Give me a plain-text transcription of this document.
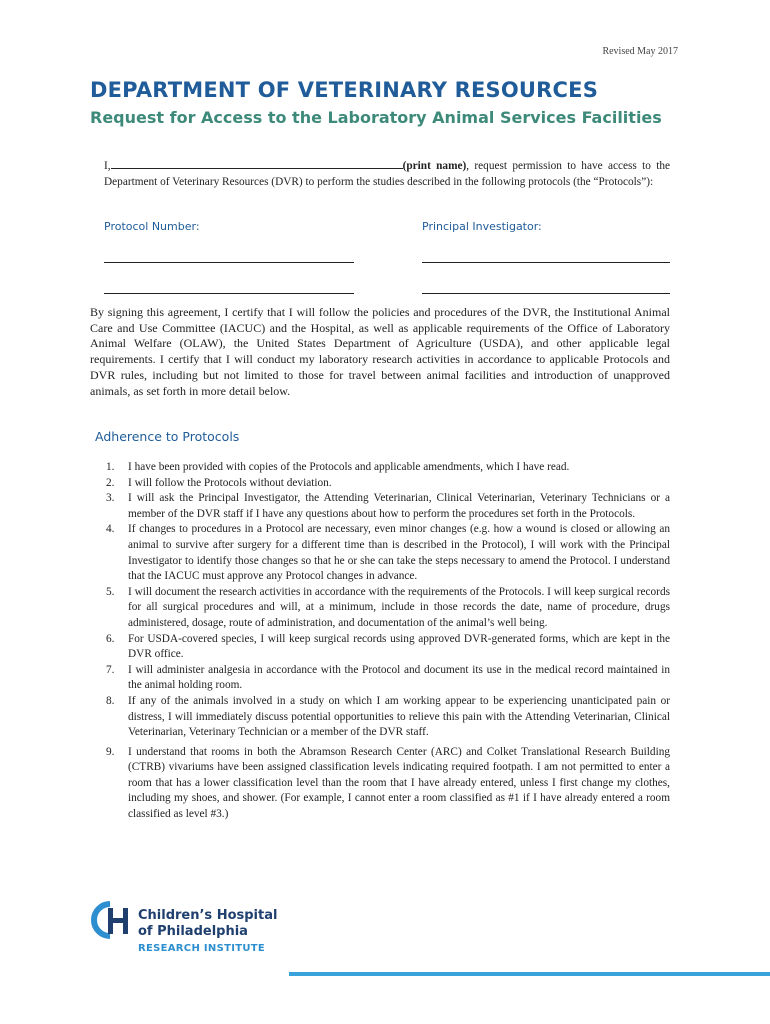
Revised May 2017
DEPARTMENT OF VETERINARY RESOURCES
Request for Access to the Laboratory Animal Services Facilities
I,	(print name), request permission to have access to the Department of Veterinary Resources (DVR) to perform the studies described in the following protocols (the “Protocols”):
Protocol Number:	Principal Investigator:
By signing this agreement, I certify that I will follow the policies and procedures of the DVR, the Institutional Animal Care and Use Committee (IACUC) and the Hospital, as well as applicable requirements of the Office of Laboratory Animal Welfare (OLAW), the United States Department of Agriculture (USDA), and other applicable legal requirements. I certify that I will conduct my laboratory research activities in accordance to applicable Protocols and DVR rules, including but not limited to those for travel between animal facilities and introduction of unapproved animals, as set forth in more detail below.
Adherence to Protocols
1.	I have been provided with copies of the Protocols and applicable amendments, which I have read.
2.	I will follow the Protocols without deviation.
3.	I will ask the Principal Investigator, the Attending Veterinarian, Clinical Veterinarian, Veterinary Technicians or a member of the DVR staff if I have any questions about how to perform the procedures set forth in the Protocols.
4.	If changes to procedures in a Protocol are necessary, even minor changes (e.g. how a wound is closed or allowing an animal to survive after surgery for a different time than is described in the Protocol), I will work with the Principal Investigator to identify those changes so that he or she can take the steps necessary to amend the Protocol. I understand that the IACUC must approve any Protocol changes in advance.
5.	I will document the research activities in accordance with the requirements of the Protocols. I will keep surgical records for all surgical procedures and will, at a minimum, include in those records the date, name of procedure, drugs administered, dosage, route of administration, and documentation of the animal’s well being.
6.	For USDA-covered species, I will keep surgical records using approved DVR-generated forms, which are kept in the DVR office.
7.	I will administer analgesia in accordance with the Protocol and document its use in the medical record maintained in the animal holding room.
8.	If any of the animals involved in a study on which I am working appear to be experiencing unanticipated pain or distress, I will immediately discuss potential opportunities to relieve this pain with the Attending Veterinarian, Clinical Veterinarian, Veterinary Technician or a member of the DVR staff.
9.	I understand that rooms in both the Abramson Research Center (ARC) and Colket Translational Research Building (CTRB) vivariums have been assigned classification levels indicating required footpath. I am not permitted to enter a room that has a lower classification level than the room that I have already entered, unless I first change my clothes, including my shoes, and shower. (For example, I cannot enter a room classified as #1 if I have already entered a room classified as level #3.)
Children’s Hospital
of Philadelphia
RESEARCH INSTITUTE
